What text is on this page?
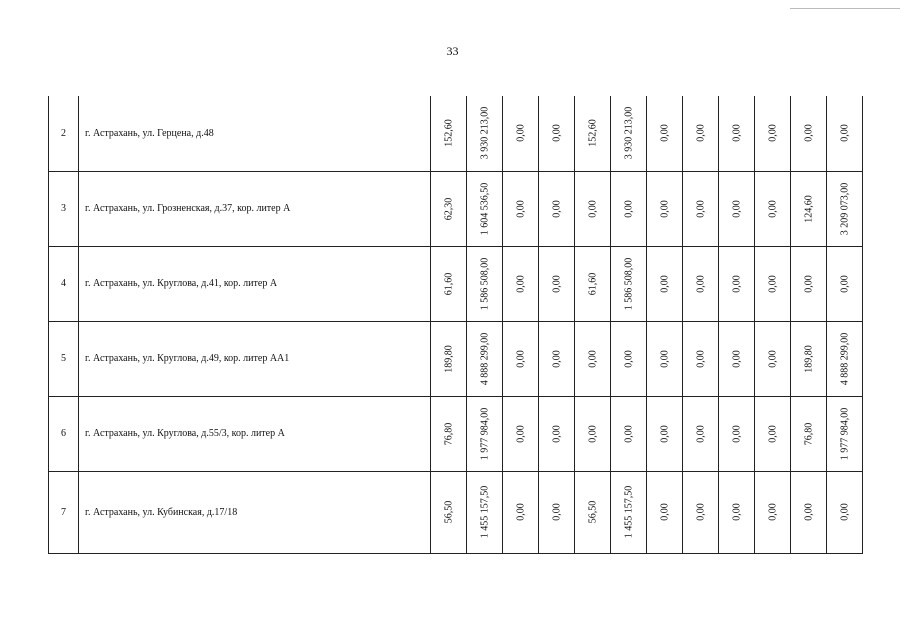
33
2	г. Астрахань, ул. Герцена, д.48	152,60	3 930 213,00	0,00	0,00	152,60	3 930 213,00	0,00	0,00	0,00	0,00	0,00	0,00

3	г. Астрахань, ул. Грозненская, д.37, кор. литер А	62,30	1 604 536,50	0,00	0,00	0,00	0,00	0,00	0,00	0,00	0,00	124,60	3 209 073,00

4	г. Астрахань, ул. Круглова, д.41, кор. литер А	61,60	1 586 508,00	0,00	0,00	61,60	1 586 508,00	0,00	0,00	0,00	0,00	0,00	0,00

5	г. Астрахань, ул. Круглова, д.49, кор. литер АА1	189,80	4 888 299,00	0,00	0,00	0,00	0,00	0,00	0,00	0,00	0,00	189,80	4 888 299,00

6	г. Астрахань, ул. Круглова, д.55/3, кор. литер А	76,80	1 977 984,00	0,00	0,00	0,00	0,00	0,00	0,00	0,00	0,00	76,80	1 977 984,00

7	г. Астрахань, ул. Кубинская, д.17/18	56,50	1 455 157,50	0,00	0,00	56,50	1 455 157,50	0,00	0,00	0,00	0,00	0,00	0,00
